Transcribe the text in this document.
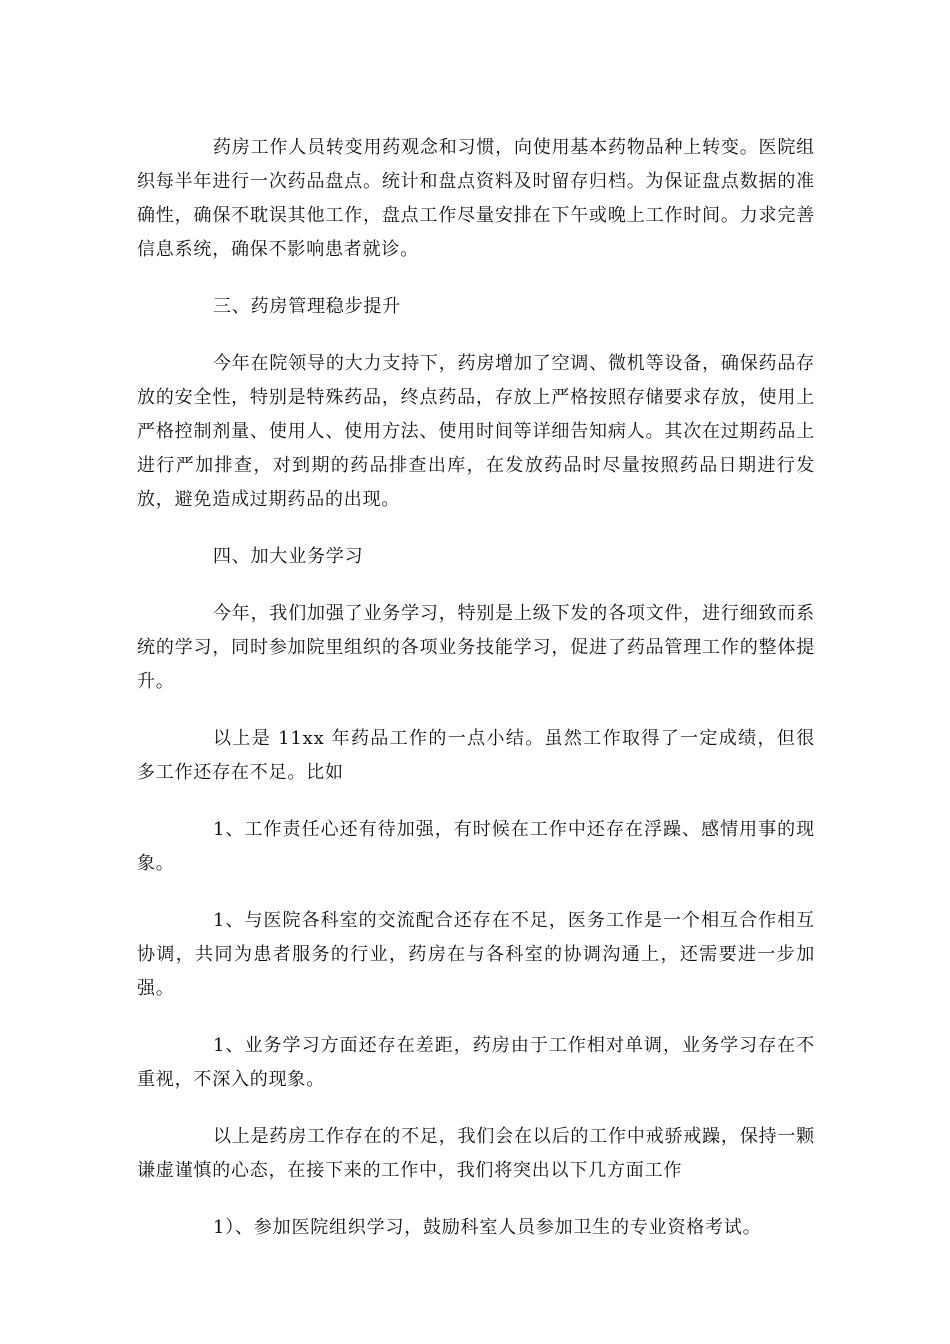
药房工作人员转变用药观念和习惯，向使用基本药物品种上转变。医院组织每半年进行一次药品盘点。统计和盘点资料及时留存归档。为保证盘点数据的准确性，确保不耽误其他工作，盘点工作尽量安排在下午或晚上工作时间。力求完善信息系统，确保不影响患者就诊。

三、药房管理稳步提升

今年在院领导的大力支持下，药房增加了空调、微机等设备，确保药品存放的安全性，特别是特殊药品，终点药品，存放上严格按照存储要求存放，使用上严格控制剂量、使用人、使用方法、使用时间等详细告知病人。其次在过期药品上进行严加排查，对到期的药品排查出库，在发放药品时尽量按照药品日期进行发放，避免造成过期药品的出现。

四、加大业务学习

今年，我们加强了业务学习，特别是上级下发的各项文件，进行细致而系统的学习，同时参加院里组织的各项业务技能学习，促进了药品管理工作的整体提升。

以上是 11xx 年药品工作的一点小结。虽然工作取得了一定成绩，但很多工作还存在不足。比如

1、工作责任心还有待加强，有时候在工作中还存在浮躁、感情用事的现象。

1、与医院各科室的交流配合还存在不足，医务工作是一个相互合作相互协调，共同为患者服务的行业，药房在与各科室的协调沟通上，还需要进一步加强。

1、业务学习方面还存在差距，药房由于工作相对单调，业务学习存在不重视，不深入的现象。

以上是药房工作存在的不足，我们会在以后的工作中戒骄戒躁，保持一颗谦虚谨慎的心态，在接下来的工作中，我们将突出以下几方面工作

1）、参加医院组织学习，鼓励科室人员参加卫生的专业资格考试。
